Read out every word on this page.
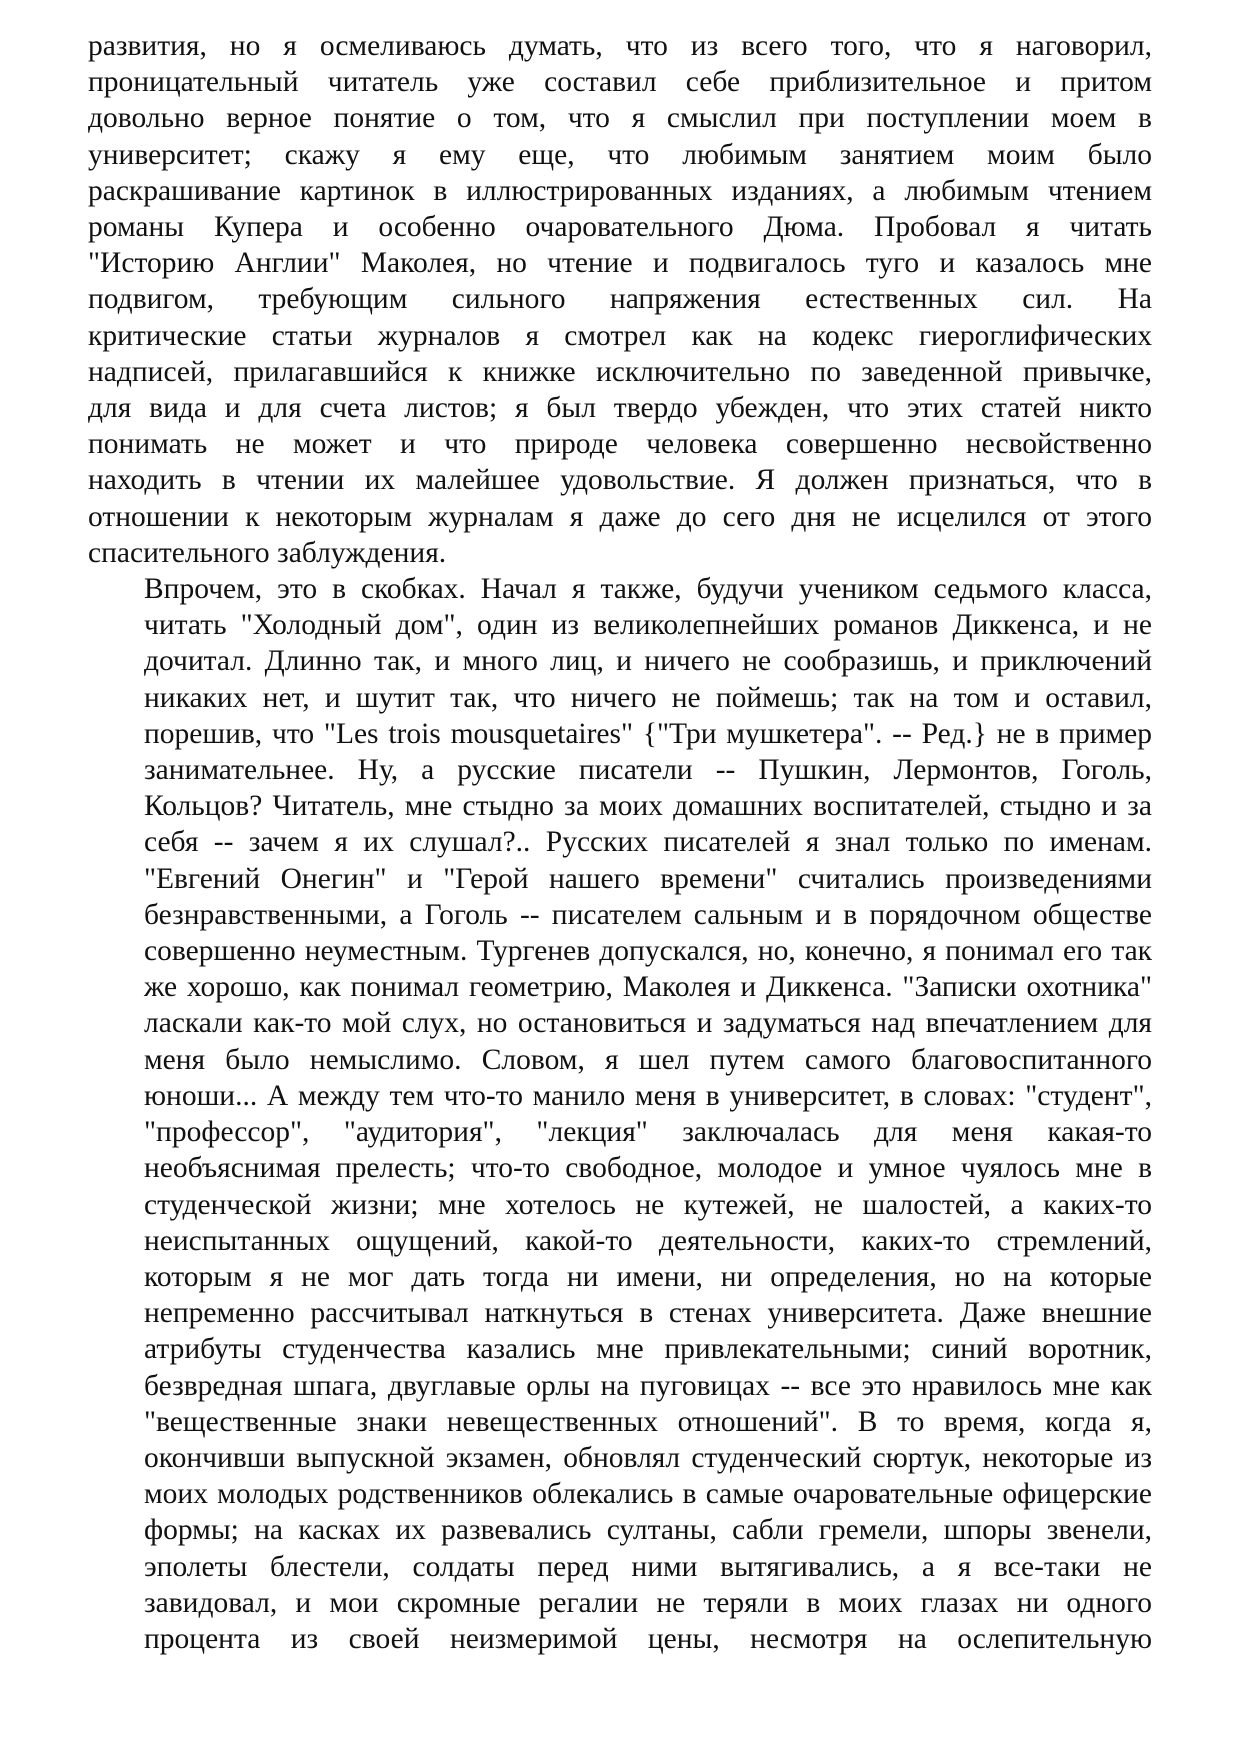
развития, но я осмеливаюсь думать, что из всего того, что я наговорил,
проницательный читатель уже составил себе приблизительное и притом
довольно верное понятие о том, что я смыслил при поступлении моем в
университет; скажу я ему еще, что любимым занятием моим было
раскрашивание картинок в иллюстрированных изданиях, а любимым чтением
романы Купера и особенно очаровательного Дюма. Пробовал я читать
"Историю Англии" Маколея, но чтение и подвигалось туго и казалось мне
подвигом, требующим сильного напряжения естественных сил. На
критические статьи журналов я смотрел как на кодекс гиероглифических
надписей, прилагавшийся к книжке исключительно по заведенной привычке,
для вида и для счета листов; я был твердо убежден, что этих статей никто
понимать не может и что природе человека совершенно несвойственно
находить в чтении их малейшее удовольствие. Я должен признаться, что в
отношении к некоторым журналам я даже до сего дня не исцелился от этого
спасительного заблуждения.
Впрочем, это в скобках. Начал я также, будучи учеником седьмого класса,
читать "Холодный дом", один из великолепнейших романов Диккенса, и не
дочитал. Длинно так, и много лиц, и ничего не сообразишь, и приключений
никаких нет, и шутит так, что ничего не поймешь; так на том и оставил,
порешив, что "Les trois mousquetaires" {"Три мушкетера". -- Ред.} не в пример
занимательнее. Ну, а русские писатели -- Пушкин, Лермонтов, Гоголь,
Кольцов? Читатель, мне стыдно за моих домашних воспитателей, стыдно и за
себя -- зачем я их слушал?.. Русских писателей я знал только по именам.
"Евгений Онегин" и "Герой нашего времени" считались произведениями
безнравственными, а Гоголь -- писателем сальным и в порядочном обществе
совершенно неуместным. Тургенев допускался, но, конечно, я понимал его так
же хорошо, как понимал геометрию, Маколея и Диккенса. "Записки охотника"
ласкали как-то мой слух, но остановиться и задуматься над впечатлением для
меня было немыслимо. Словом, я шел путем самого благовоспитанного
юноши... А между тем что-то манило меня в университет, в словах: "студент",
"профессор", "аудитория", "лекция" заключалась для меня какая-то
необъяснимая прелесть; что-то свободное, молодое и умное чуялось мне в
студенческой жизни; мне хотелось не кутежей, не шалостей, а каких-то
неиспытанных ощущений, какой-то деятельности, каких-то стремлений,
которым я не мог дать тогда ни имени, ни определения, но на которые
непременно рассчитывал наткнуться в стенах университета. Даже внешние
атрибуты студенчества казались мне привлекательными; синий воротник,
безвредная шпага, двуглавые орлы на пуговицах -- все это нравилось мне как
"вещественные знаки невещественных отношений". В то время, когда я,
окончивши выпускной экзамен, обновлял студенческий сюртук, некоторые из
моих молодых родственников облекались в самые очаровательные офицерские
формы; на касках их развевались султаны, сабли гремели, шпоры звенели,
эполеты блестели, солдаты перед ними вытягивались, а я все-таки не
завидовал, и мои скромные регалии не теряли в моих глазах ни одного
процента из своей неизмеримой цены, несмотря на ослепительную
